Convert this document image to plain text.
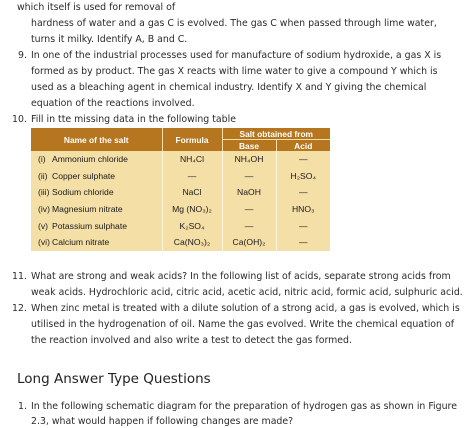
which itself is used for removal of
hardness of water and a gas C is evolved. The gas C when passed through lime water,
turns it milky. Identify A, B and C.
9. In one of the industrial processes used for manufacture of sodium hydroxide, a gas X is
formed as by product. The gas X reacts with lime water to give a compound Y which is
used as a bleaching agent in chemical industry. Identify X and Y giving the chemical
equation of the reactions involved.
10. Fill in tte missing data in the following table
Name of the salt	Formula	Salt obtained from	
		Base	Acid
(i) Ammonium chloride	NH₄Cl	NH₄OH	—
(ii) Copper sulphate	—	—	H₂SO₄
(iii) Sodium chloride	NaCl	NaOH	—
(iv) Magnesium nitrate	Mg (NO₃)₂	—	HNO₃
(v) Potassium sulphate	K₂SO₄	—	—
(vi) Calcium nitrate	Ca(NO₃)₂	Ca(OH)₂	—
11. What are strong and weak acids? In the following list of acids, separate strong acids from
weak acids. Hydrochloric acid, citric acid, acetic acid, nitric acid, formic acid, sulphuric acid.
12. When zinc metal is treated with a dilute solution of a strong acid, a gas is evolved, which is
utilised in the hydrogenation of oil. Name the gas evolved. Write the chemical equation of
the reaction involved and also write a test to detect the gas formed.
Long Answer Type Questions
1. In the following schematic diagram for the preparation of hydrogen gas as shown in Figure
2.3, what would happen if following changes are made?
